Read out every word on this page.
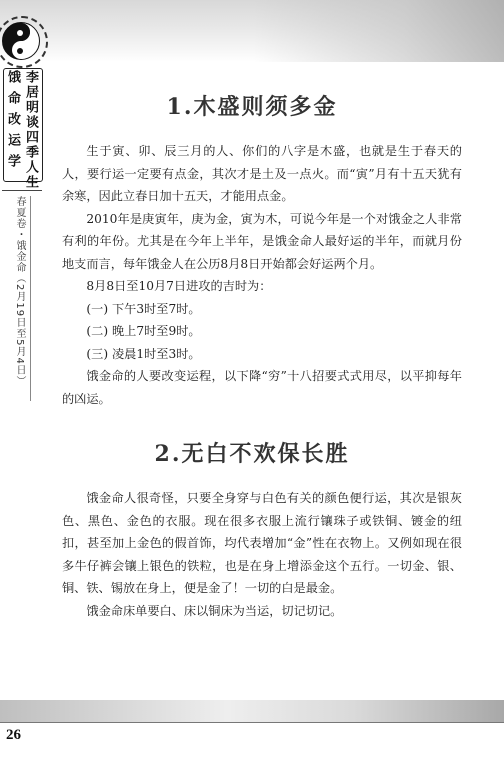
李居明谈四季人生
饿命改运学
春夏卷・饿金命（2月19日至5月4日）
1.木盛则须多金

生于寅、卯、辰三月的人、你们的八字是木盛，也就是生于春天的人，要行运一定要有点金，其次才是土及一点火。而“寅”月有十五天犹有余寒，因此立春日加十五天，才能用点金。

2010年是庚寅年，庚为金，寅为木，可说今年是一个对饿金之人非常有利的年份。尤其是在今年上半年，是饿金命人最好运的半年，而就月份地支而言，每年饿金人在公历8月8日开始都会好运两个月。

8月8日至10月7日进攻的吉时为：

(一) 下午3时至7时。

(二) 晚上7时至9时。

(三) 凌晨1时至3时。

饿金命的人要改变运程，以下降“穷”十八招要式式用尽，以平抑每年的凶运。

2.无白不欢保长胜

饿金命人很奇怪，只要全身穿与白色有关的颜色便行运，其次是银灰色、黑色、金色的衣服。现在很多衣服上流行镶珠子或铁铜、镀金的纽扣，甚至加上金色的假首饰，均代表增加“金”性在衣物上。又例如现在很多牛仔裤会镶上银色的铁粒，也是在身上增添金这个五行。一切金、银、铜、铁、锡放在身上，便是金了！一切的白是最金。

饿金命床单要白、床以铜床为当运，切记切记。

26
